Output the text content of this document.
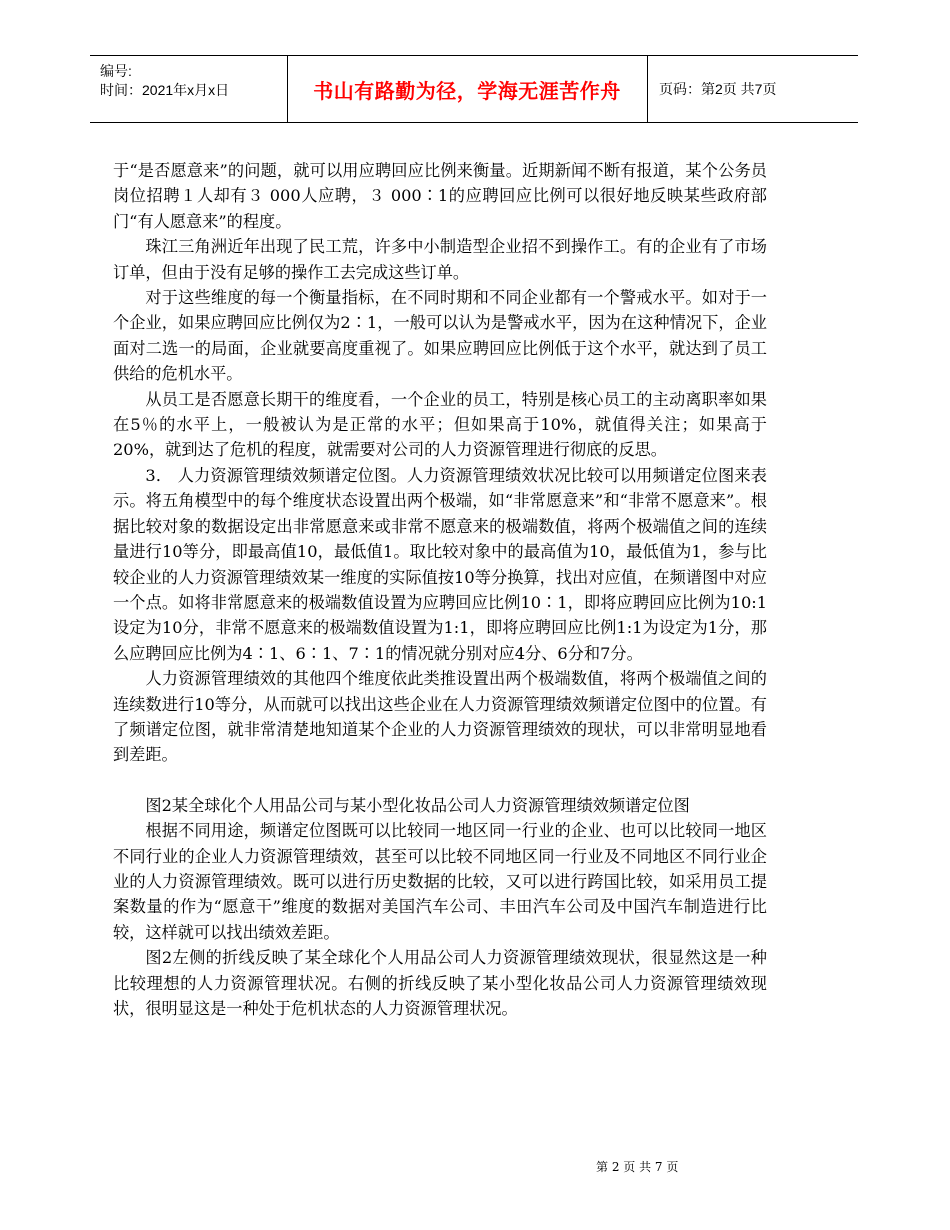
编号:
时间：2021年x月x日	书山有路勤为径，学海无涯苦作舟	页码：第2页 共7页

于“是否愿意来”的问题，就可以用应聘回应比例来衡量。近期新闻不断有报道，某个公务员岗位招聘１人却有３ 000人应聘，３ 000∶1的应聘回应比例可以很好地反映某些政府部门“有人愿意来”的程度。

珠江三角洲近年出现了民工荒，许多中小制造型企业招不到操作工。有的企业有了市场订单，但由于没有足够的操作工去完成这些订单。

对于这些维度的每一个衡量指标，在不同时期和不同企业都有一个警戒水平。如对于一个企业，如果应聘回应比例仅为2∶1，一般可以认为是警戒水平，因为在这种情况下，企业面对二选一的局面，企业就要高度重视了。如果应聘回应比例低于这个水平，就达到了员工供给的危机水平。

从员工是否愿意长期干的维度看，一个企业的员工，特别是核心员工的主动离职率如果在5％的水平上，一般被认为是正常的水平；但如果高于10%，就值得关注；如果高于20%，就到达了危机的程度，就需要对公司的人力资源管理进行彻底的反思。

3． 人力资源管理绩效频谱定位图。人力资源管理绩效状况比较可以用频谱定位图来表示。将五角模型中的每个维度状态设置出两个极端，如“非常愿意来”和“非常不愿意来”。根据比较对象的数据设定出非常愿意来或非常不愿意来的极端数值，将两个极端值之间的连续量进行10等分，即最高值10，最低值1。取比较对象中的最高值为10，最低值为1，参与比较企业的人力资源管理绩效某一维度的实际值按10等分换算，找出对应值，在频谱图中对应一个点。如将非常愿意来的极端数值设置为应聘回应比例10∶1，即将应聘回应比例为10:1设定为10分，非常不愿意来的极端数值设置为1:1，即将应聘回应比例1:1为设定为1分，那么应聘回应比例为4∶1、6∶1、7∶1的情况就分别对应4分、6分和7分。

人力资源管理绩效的其他四个维度依此类推设置出两个极端数值，将两个极端值之间的连续数进行10等分，从而就可以找出这些企业在人力资源管理绩效频谱定位图中的位置。有了频谱定位图，就非常清楚地知道某个企业的人力资源管理绩效的现状，可以非常明显地看到差距。

图2某全球化个人用品公司与某小型化妆品公司人力资源管理绩效频谱定位图

根据不同用途，频谱定位图既可以比较同一地区同一行业的企业、也可以比较同一地区不同行业的企业人力资源管理绩效，甚至可以比较不同地区同一行业及不同地区不同行业企业的人力资源管理绩效。既可以进行历史数据的比较，又可以进行跨国比较，如采用员工提案数量的作为“愿意干”维度的数据对美国汽车公司、丰田汽车公司及中国汽车制造进行比较，这样就可以找出绩效差距。

图2左侧的折线反映了某全球化个人用品公司人力资源管理绩效现状，很显然这是一种比较理想的人力资源管理状况。右侧的折线反映了某小型化妆品公司人力资源管理绩效现状，很明显这是一种处于危机状态的人力资源管理状况。

第 2 页 共 7 页
